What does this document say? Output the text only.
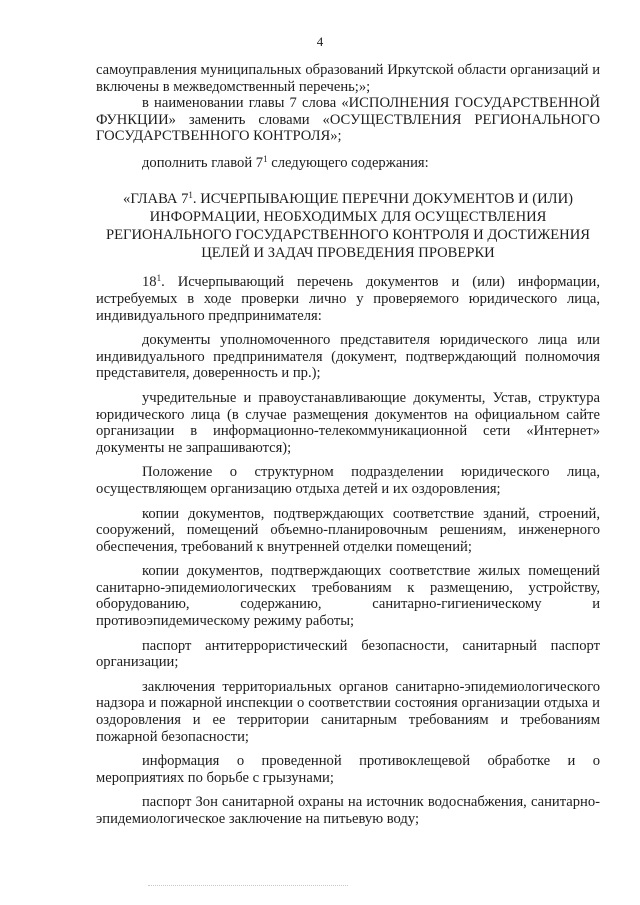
4

самоуправления муниципальных образований Иркутской области организаций и включены в межведомственный перечень;»;

в наименовании главы 7 слова «ИСПОЛНЕНИЯ ГОСУДАРСТВЕННОЙ ФУНКЦИИ» заменить словами «ОСУЩЕСТВЛЕНИЯ РЕГИОНАЛЬНОГО ГОСУДАРСТВЕННОГО КОНТРОЛЯ»;

дополнить главой $7^1$ следующего содержания:

«ГЛАВА $7^1$. ИСЧЕРПЫВАЮЩИЕ ПЕРЕЧНИ ДОКУМЕНТОВ И (ИЛИ) ИНФОРМАЦИИ, НЕОБХОДИМЫХ ДЛЯ ОСУЩЕСТВЛЕНИЯ РЕГИОНАЛЬНОГО ГОСУДАРСТВЕННОГО КОНТРОЛЯ И ДОСТИЖЕНИЯ ЦЕЛЕЙ И ЗАДАЧ ПРОВЕДЕНИЯ ПРОВЕРКИ

$18^1$. Исчерпывающий перечень документов и (или) информации, истребуемых в ходе проверки лично у проверяемого юридического лица, индивидуального предпринимателя:

документы уполномоченного представителя юридического лица или индивидуального предпринимателя (документ, подтверждающий полномочия представителя, доверенность и пр.);

учредительные и правоустанавливающие документы, Устав, структура юридического лица (в случае размещения документов на официальном сайте организации в информационно-телекоммуникационной сети «Интернет» документы не запрашиваются);

Положение о структурном подразделении юридического лица, осуществляющем организацию отдыха детей и их оздоровления;

копии документов, подтверждающих соответствие зданий, строений, сооружений, помещений объемно-планировочным решениям, инженерного обеспечения, требований к внутренней отделки помещений;

копии документов, подтверждающих соответствие жилых помещений санитарно-эпидемиологических требованиям к размещению, устройству, оборудованию, содержанию, санитарно-гигиеническому и противоэпидемическому режиму работы;

паспорт антитеррористический безопасности, санитарный паспорт организации;

заключения территориальных органов санитарно-эпидемиологического надзора и пожарной инспекции о соответствии состояния организации отдыха и оздоровления и ее территории санитарным требованиям и требованиям пожарной безопасности;

информация о проведенной противоклещевой обработке и о мероприятиях по борьбе с грызунами;

паспорт Зон санитарной охраны на источник водоснабжения, санитарно-эпидемиологическое заключение на питьевую воду;
